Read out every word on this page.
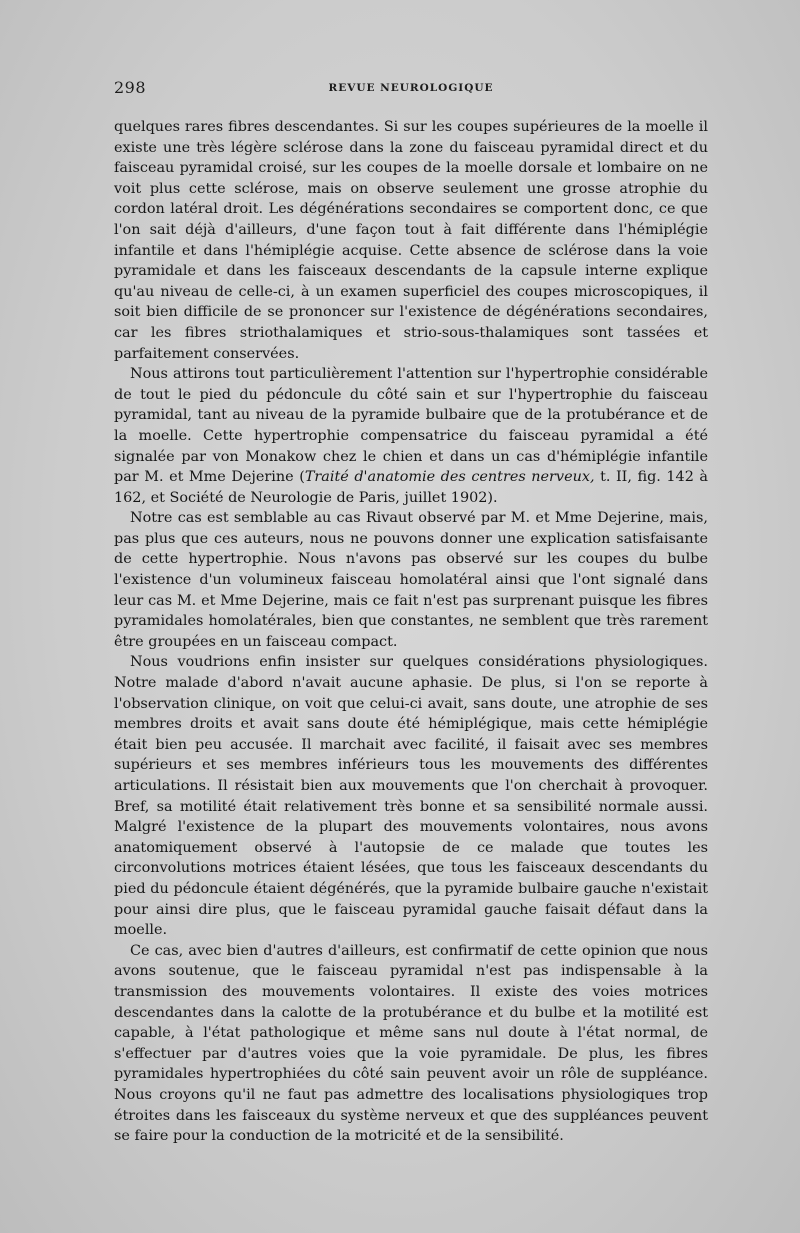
298	REVUE NEUROLOGIQUE

quelques rares fibres descendantes. Si sur les coupes supérieures de la moelle il existe une très légère sclérose dans la zone du faisceau pyramidal direct et du faisceau pyramidal croisé, sur les coupes de la moelle dorsale et lombaire on ne voit plus cette sclérose, mais on observe seulement une grosse atrophie du cordon latéral droit. Les dégénérations secondaires se comportent donc, ce que l'on sait déjà d'ailleurs, d'une façon tout à fait différente dans l'hémiplégie infantile et dans l'hémiplégie acquise. Cette absence de sclérose dans la voie pyramidale et dans les faisceaux descendants de la capsule interne explique qu'au niveau de celle-ci, à un examen superficiel des coupes microscopiques, il soit bien difficile de se prononcer sur l'existence de dégénérations secondaires, car les fibres striothalamiques et strio-sous-thalamiques sont tassées et parfaitement conservées.

Nous attirons tout particulièrement l'attention sur l'hypertrophie considérable de tout le pied du pédoncule du côté sain et sur l'hypertrophie du faisceau pyramidal, tant au niveau de la pyramide bulbaire que de la protubérance et de la moelle. Cette hypertrophie compensatrice du faisceau pyramidal a été signalée par von Monakow chez le chien et dans un cas d'hémiplégie infantile par M. et Mme Dejerine (Traité d'anatomie des centres nerveux, t. II, fig. 142 à 162, et Société de Neurologie de Paris, juillet 1902).

Notre cas est semblable au cas Rivaut observé par M. et Mme Dejerine, mais, pas plus que ces auteurs, nous ne pouvons donner une explication satisfaisante de cette hypertrophie. Nous n'avons pas observé sur les coupes du bulbe l'existence d'un volumineux faisceau homolatéral ainsi que l'ont signalé dans leur cas M. et Mme Dejerine, mais ce fait n'est pas surprenant puisque les fibres pyramidales homolatérales, bien que constantes, ne semblent que très rarement être groupées en un faisceau compact.

Nous voudrions enfin insister sur quelques considérations physiologiques. Notre malade d'abord n'avait aucune aphasie. De plus, si l'on se reporte à l'observation clinique, on voit que celui-ci avait, sans doute, une atrophie de ses membres droits et avait sans doute été hémiplégique, mais cette hémiplégie était bien peu accusée. Il marchait avec facilité, il faisait avec ses membres supérieurs et ses membres inférieurs tous les mouvements des différentes articulations. Il résistait bien aux mouvements que l'on cherchait à provoquer. Bref, sa motilité était relativement très bonne et sa sensibilité normale aussi. Malgré l'existence de la plupart des mouvements volontaires, nous avons anatomiquement observé à l'autopsie de ce malade que toutes les circonvolutions motrices étaient lésées, que tous les faisceaux descendants du pied du pédoncule étaient dégénérés, que la pyramide bulbaire gauche n'existait pour ainsi dire plus, que le faisceau pyramidal gauche faisait défaut dans la moelle.

Ce cas, avec bien d'autres d'ailleurs, est confirmatif de cette opinion que nous avons soutenue, que le faisceau pyramidal n'est pas indispensable à la transmission des mouvements volontaires. Il existe des voies motrices descendantes dans la calotte de la protubérance et du bulbe et la motilité est capable, à l'état pathologique et même sans nul doute à l'état normal, de s'effectuer par d'autres voies que la voie pyramidale. De plus, les fibres pyramidales hypertrophiées du côté sain peuvent avoir un rôle de suppléance. Nous croyons qu'il ne faut pas admettre des localisations physiologiques trop étroites dans les faisceaux du système nerveux et que des suppléances peuvent se faire pour la conduction de la motricité et de la sensibilité.
